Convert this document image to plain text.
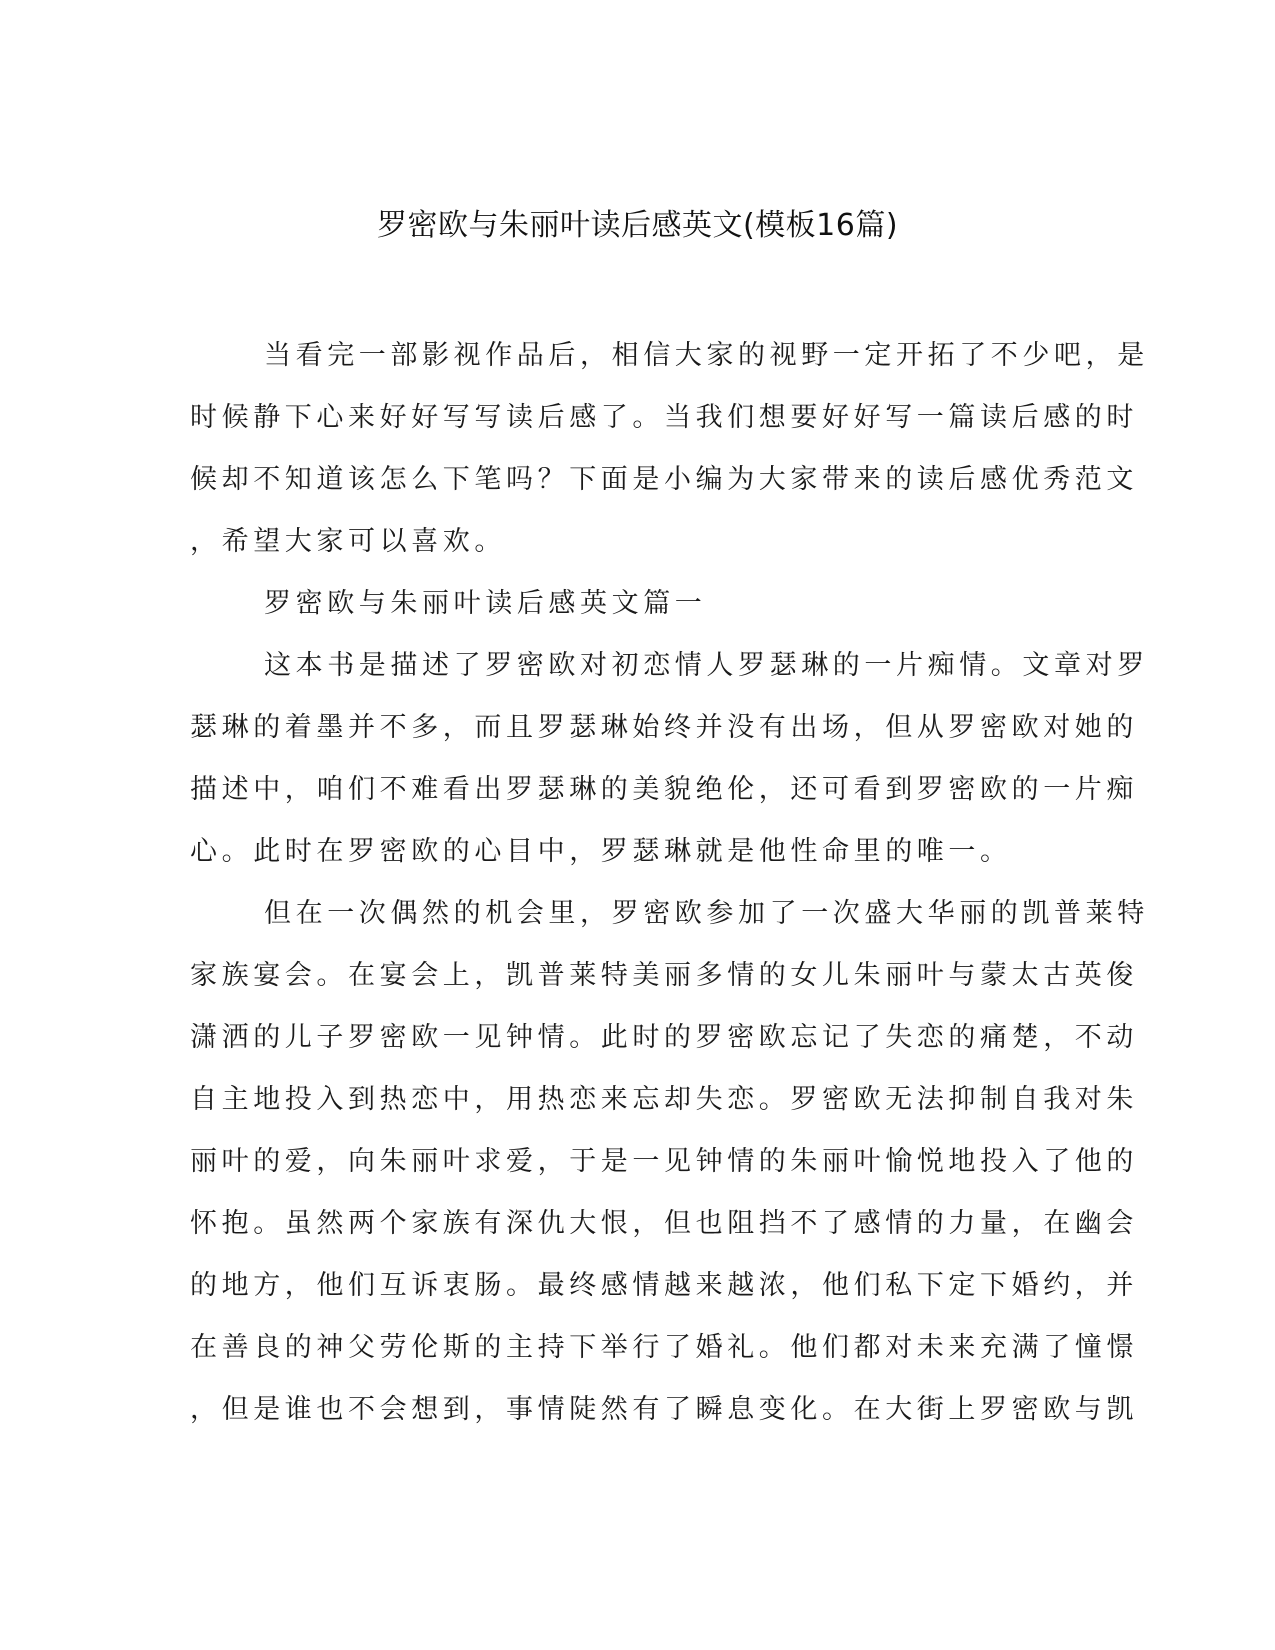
罗密欧与朱丽叶读后感英文(模板16篇)
当看完一部影视作品后，相信大家的视野一定开拓了不少吧，是
时候静下心来好好写写读后感了。当我们想要好好写一篇读后感的时
候却不知道该怎么下笔吗？下面是小编为大家带来的读后感优秀范文
，希望大家可以喜欢。
罗密欧与朱丽叶读后感英文篇一
这本书是描述了罗密欧对初恋情人罗瑟琳的一片痴情。文章对罗
瑟琳的着墨并不多，而且罗瑟琳始终并没有出场，但从罗密欧对她的
描述中，咱们不难看出罗瑟琳的美貌绝伦，还可看到罗密欧的一片痴
心。此时在罗密欧的心目中，罗瑟琳就是他性命里的唯一。
但在一次偶然的机会里，罗密欧参加了一次盛大华丽的凯普莱特
家族宴会。在宴会上，凯普莱特美丽多情的女儿朱丽叶与蒙太古英俊
潇洒的儿子罗密欧一见钟情。此时的罗密欧忘记了失恋的痛楚，不动
自主地投入到热恋中，用热恋来忘却失恋。罗密欧无法抑制自我对朱
丽叶的爱，向朱丽叶求爱，于是一见钟情的朱丽叶愉悦地投入了他的
怀抱。虽然两个家族有深仇大恨，但也阻挡不了感情的力量，在幽会
的地方，他们互诉衷肠。最终感情越来越浓，他们私下定下婚约，并
在善良的神父劳伦斯的主持下举行了婚礼。他们都对未来充满了憧憬
，但是谁也不会想到，事情陡然有了瞬息变化。在大街上罗密欧与凯
